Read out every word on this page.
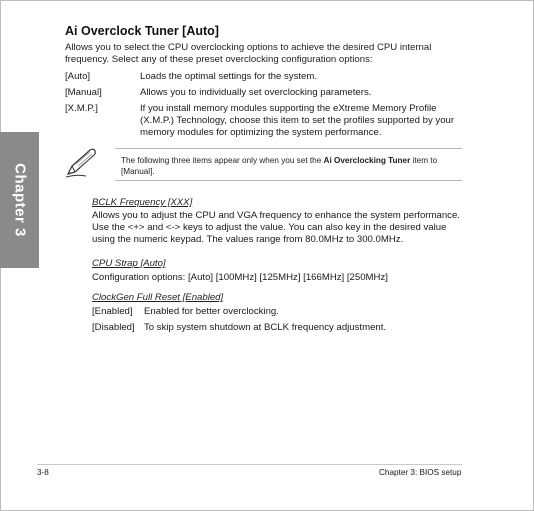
Chapter 3
Ai Overclock Tuner [Auto]
Allows you to select the CPU overclocking options to achieve the desired CPU internal frequency. Select any of these preset overclocking configuration options:
[Auto]	Loads the optimal settings for the system.
[Manual]	Allows you to individually set overclocking parameters.
[X.M.P.]	If you install memory modules supporting the eXtreme Memory Profile (X.M.P.) Technology, choose this item to set the profiles supported by your memory modules for optimizing the system performance.
The following three items appear only when you set the Ai Overclocking Tuner item to [Manual].
BCLK Frequency [XXX]
Allows you to adjust the CPU and VGA frequency to enhance the system performance. Use the <+> and <-> keys to adjust the value. You can also key in the desired value using the numeric keypad. The values range from 80.0MHz to 300.0MHz.
CPU Strap [Auto]
Configuration options: [Auto] [100MHz] [125MHz] [166MHz] [250MHz]
ClockGen Full Reset [Enabled]
[Enabled] Enabled for better overclocking.
[Disabled] To skip system shutdown at BCLK frequency adjustment.
3-8	Chapter 3: BIOS setup
